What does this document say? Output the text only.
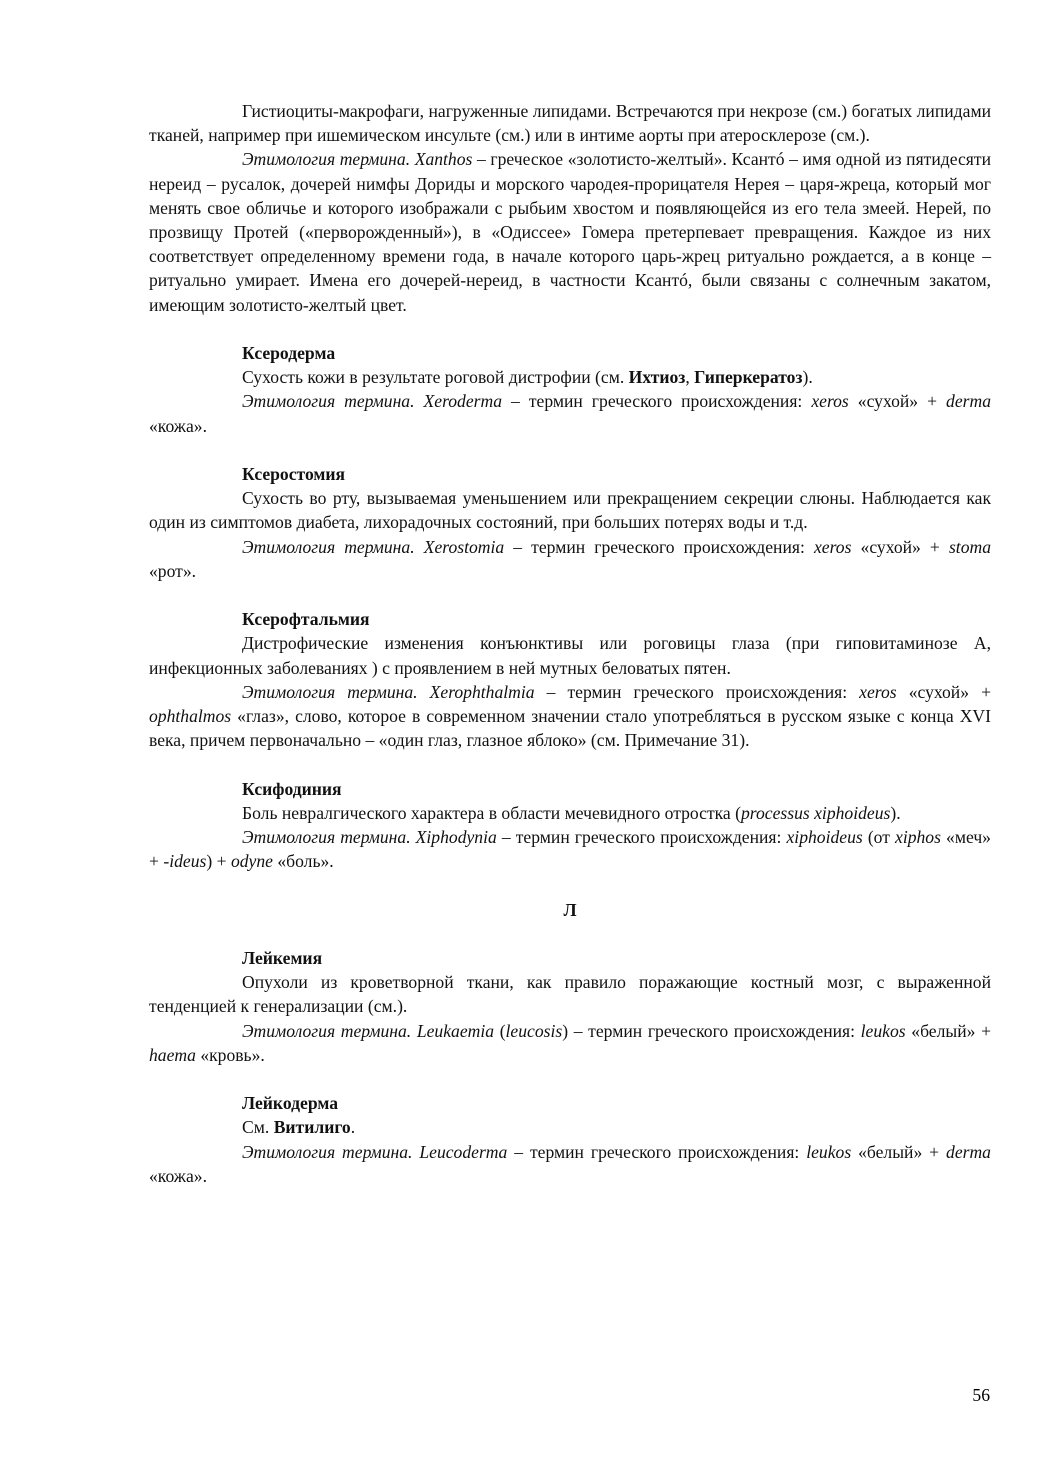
Гистиоциты-макрофаги, нагруженные липидами. Встречаются при некрозе (см.) богатых липидами тканей, например при ишемическом инсульте (см.) или в интиме аорты при атеросклерозе (см.).

Этимология термина. Xanthos – греческое «золотисто-желтый». Ксантó – имя одной из пятидесяти нереид – русалок, дочерей нимфы Дориды и морского чародея-прорицателя Нерея – царя-жреца, который мог менять свое обличье и которого изображали с рыбьим хвостом и появляющейся из его тела змеей. Нерей, по прозвищу Протей («перворожденный»), в «Одиссее» Гомера претерпевает превращения. Каждое из них соответствует определенному времени года, в начале которого царь-жрец ритуально рождается, а в конце – ритуально умирает. Имена его дочерей-нереид, в частности Ксантó, были связаны с солнечным закатом, имеющим золотисто-желтый цвет.

Ксеродерма

Сухость кожи в результате роговой дистрофии (см. Ихтиоз, Гиперкератоз).

Этимология термина. Xeroderma – термин греческого происхождения: xeros «сухой» + derma «кожа».

Ксеростомия

Сухость во рту, вызываемая уменьшением или прекращением секреции слюны. Наблюдается как один из симптомов диабета, лихорадочных состояний, при больших потерях воды и т.д.

Этимология термина. Xerostomia – термин греческого происхождения: xeros «сухой» + stoma «рот».

Ксерофтальмия

Дистрофические изменения конъюнктивы или роговицы глаза (при гиповитаминозе А, инфекционных заболеваниях ) с проявлением в ней мутных беловатых пятен.

Этимология термина. Xerophthalmia – термин греческого происхождения: xeros «сухой» + ophthalmos «глаз», слово, которое в современном значении стало употребляться в русском языке с конца XVI века, причем первоначально – «один глаз, глазное яблоко» (см. Примечание 31).

Ксифодиния

Боль невралгического характера в области мечевидного отростка (processus xiphoideus).

Этимология термина. Xiphodynia – термин греческого происхождения: xiphoideus (от xiphos «меч» + -ideus) + odyne «боль».

Л

Лейкемия

Опухоли из кроветворной ткани, как правило поражающие костный мозг, с выраженной тенденцией к генерализации (см.).

Этимология термина. Leukaemia (leucosis) – термин греческого происхождения: leukos «белый» + haema «кровь».

Лейкодерма

См. Витилиго.

Этимология термина. Leucoderma – термин греческого происхождения: leukos «белый» + derma «кожа».

56
